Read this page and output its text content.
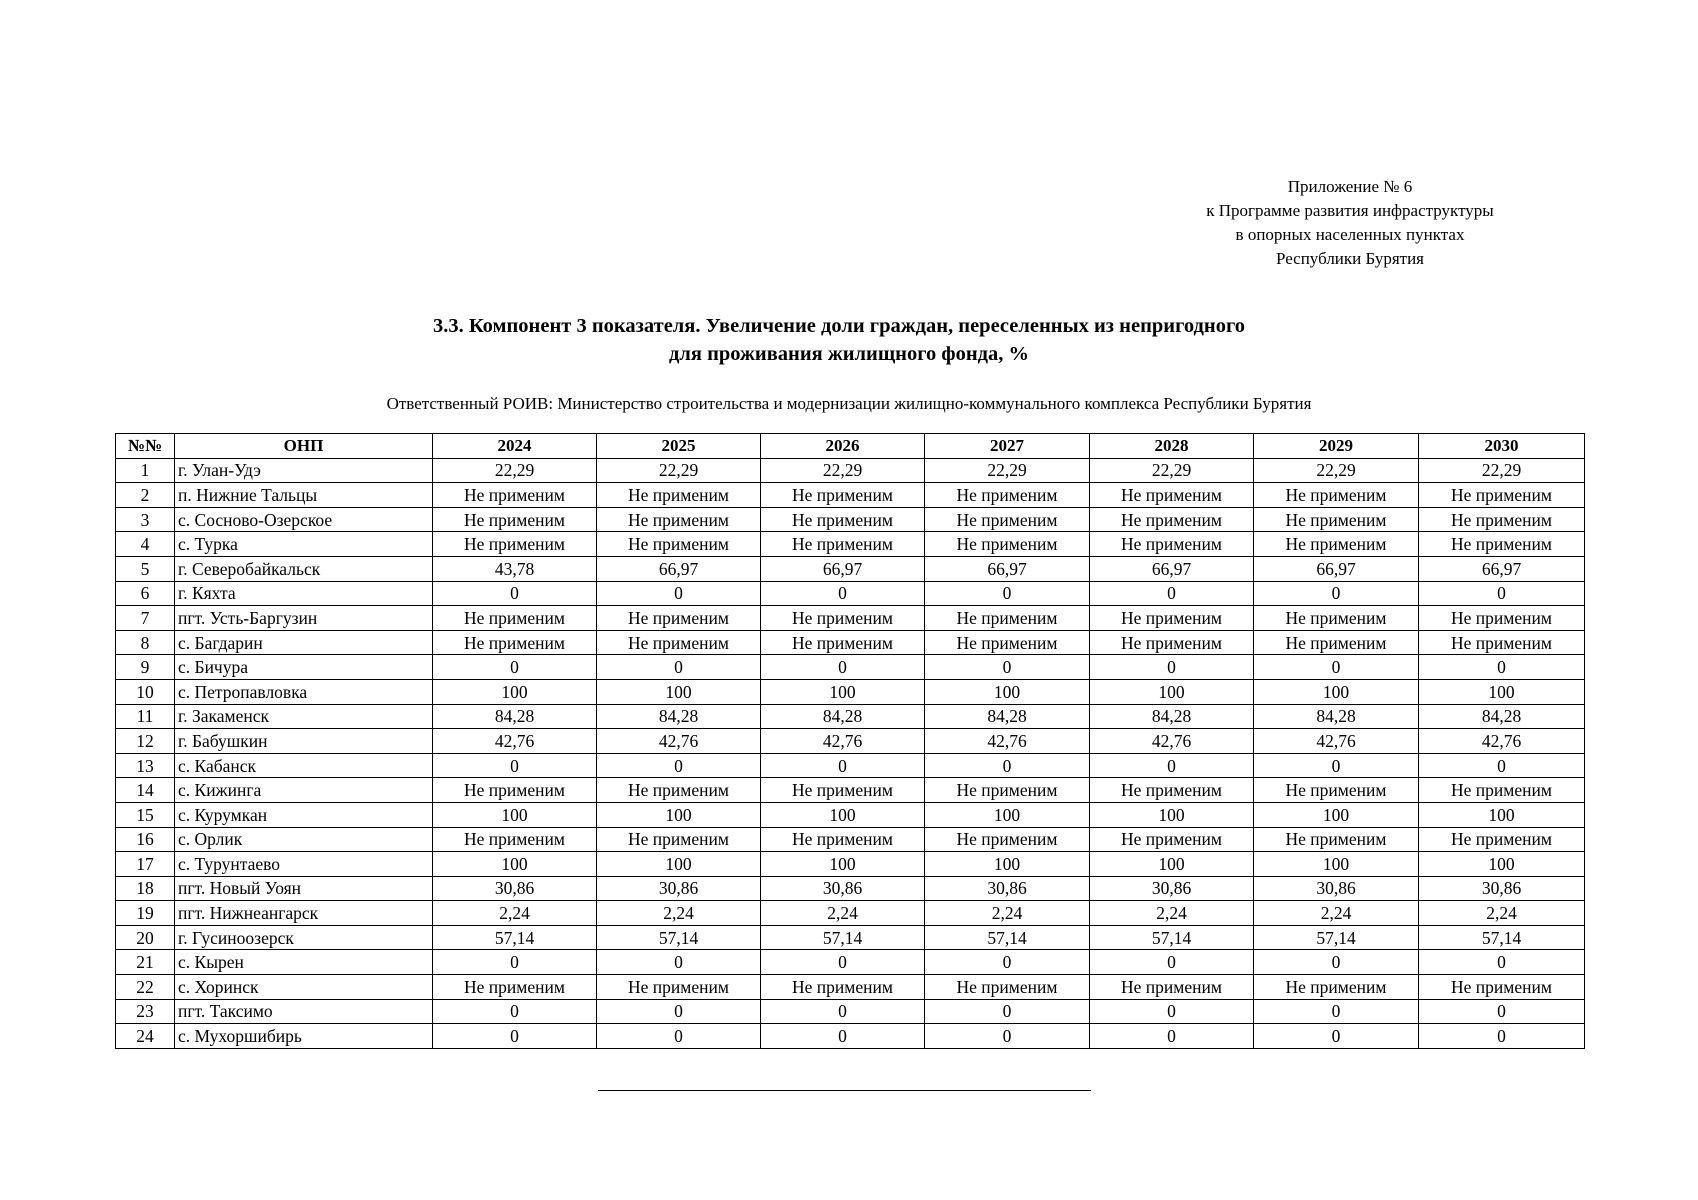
Приложение № 6
к Программе развития инфраструктуры
в опорных населенных пунктах
Республики Бурятия
3.3. Компонент 3 показателя. Увеличение доли граждан, переселенных из непригодного
для проживания жилищного фонда, %
Ответственный РОИВ: Министерство строительства и модернизации жилищно-коммунального комплекса Республики Бурятия
№№	ОНП	2024	2025	2026	2027	2028	2029	2030
1	г. Улан-Удэ	22,29	22,29	22,29	22,29	22,29	22,29	22,29
2	п. Нижние Тальцы	Не применим	Не применим	Не применим	Не применим	Не применим	Не применим	Не применим
3	с. Сосново-Озерское	Не применим	Не применим	Не применим	Не применим	Не применим	Не применим	Не применим
4	с. Турка	Не применим	Не применим	Не применим	Не применим	Не применим	Не применим	Не применим
5	г. Северобайкальск	43,78	66,97	66,97	66,97	66,97	66,97	66,97
6	г. Кяхта	0	0	0	0	0	0	0
7	пгт. Усть-Баргузин	Не применим	Не применим	Не применим	Не применим	Не применим	Не применим	Не применим
8	с. Багдарин	Не применим	Не применим	Не применим	Не применим	Не применим	Не применим	Не применим
9	с. Бичура	0	0	0	0	0	0	0
10	с. Петропавловка	100	100	100	100	100	100	100
11	г. Закаменск	84,28	84,28	84,28	84,28	84,28	84,28	84,28
12	г. Бабушкин	42,76	42,76	42,76	42,76	42,76	42,76	42,76
13	с. Кабанск	0	0	0	0	0	0	0
14	с. Кижинга	Не применим	Не применим	Не применим	Не применим	Не применим	Не применим	Не применим
15	с. Курумкан	100	100	100	100	100	100	100
16	с. Орлик	Не применим	Не применим	Не применим	Не применим	Не применим	Не применим	Не применим
17	с. Турунтаево	100	100	100	100	100	100	100
18	пгт. Новый Уоян	30,86	30,86	30,86	30,86	30,86	30,86	30,86
19	пгт. Нижнеангарск	2,24	2,24	2,24	2,24	2,24	2,24	2,24
20	г. Гусиноозерск	57,14	57,14	57,14	57,14	57,14	57,14	57,14
21	с. Кырен	0	0	0	0	0	0	0
22	с. Хоринск	Не применим	Не применим	Не применим	Не применим	Не применим	Не применим	Не применим
23	пгт. Таксимо	0	0	0	0	0	0	0
24	с. Мухоршибирь	0	0	0	0	0	0	0
